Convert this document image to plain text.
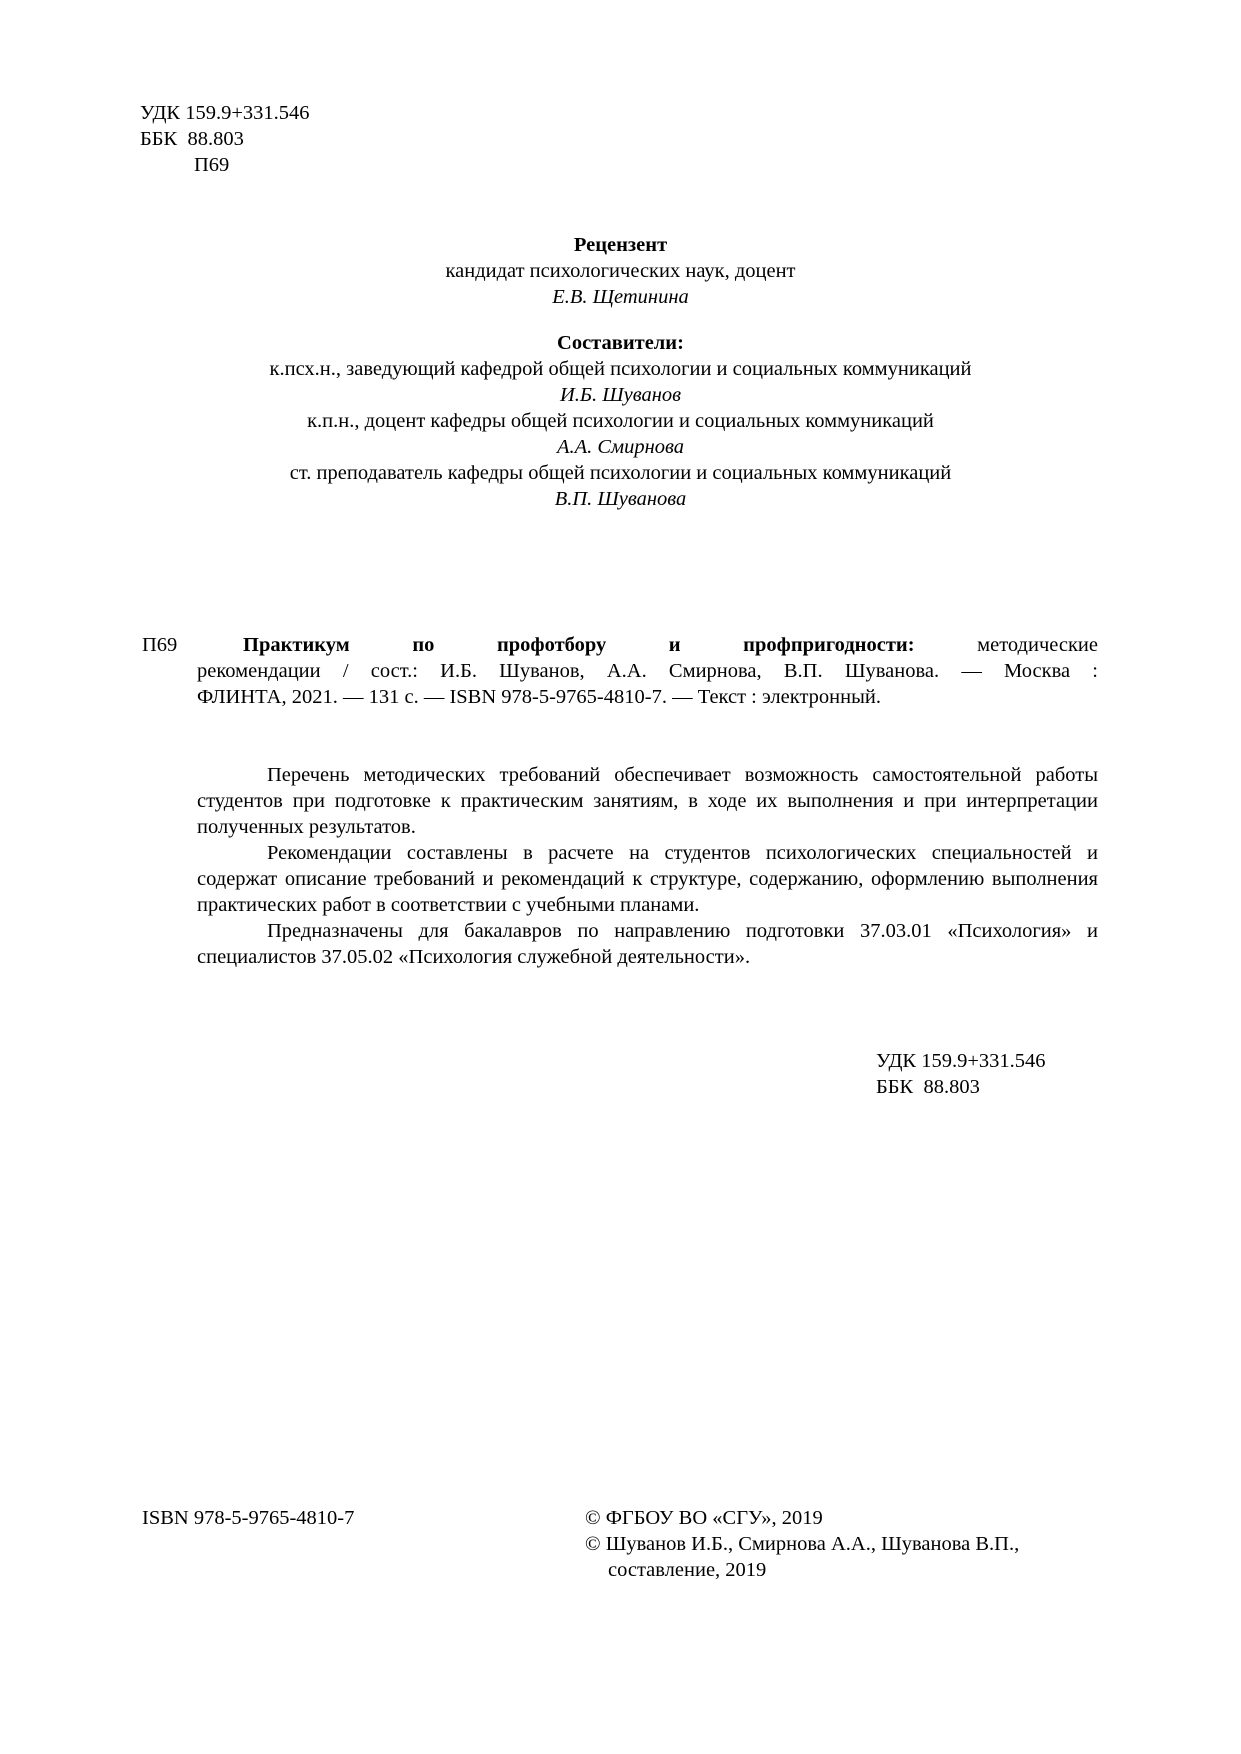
УДК 159.9+331.546
ББК  88.803
П69
Рецензент
кандидат психологических наук, доцент
Е.В. Щетинина
Составители:
к.псх.н., заведующий кафедрой общей психологии и социальных коммуникаций
И.Б. Шуванов
к.п.н., доцент кафедры общей психологии и социальных коммуникаций
А.А. Смирнова
ст. преподаватель кафедры общей психологии и социальных коммуникаций
В.П. Шуванова
П69	Практикум по профотбору и профпригодности:	методические
рекомендации / сост.: И.Б. Шуванов, А.А. Смирнова, В.П. Шуванова. — Москва :
ФЛИНТА, 2021. — 131 с. — ISBN 978-5-9765-4810-7. — Текст : электронный.
Перечень методических требований обеспечивает возможность самостоятельной работы студентов при подготовке к практическим занятиям, в ходе их выполнения и при интерпретации полученных результатов.
Рекомендации составлены в расчете на студентов психологических специальностей и содержат описание требований и рекомендаций к структуре, содержанию, оформлению выполнения практических работ в соответствии с учебными планами.
Предназначены для бакалавров по направлению подготовки 37.03.01 «Психология» и специалистов 37.05.02 «Психология служебной деятельности».
УДК 159.9+331.546
ББК  88.803
ISBN 978-5-9765-4810-7	© ФГБОУ ВО «СГУ», 2019
© Шуванов И.Б., Смирнова А.А., Шуванова В.П.,
составление, 2019
